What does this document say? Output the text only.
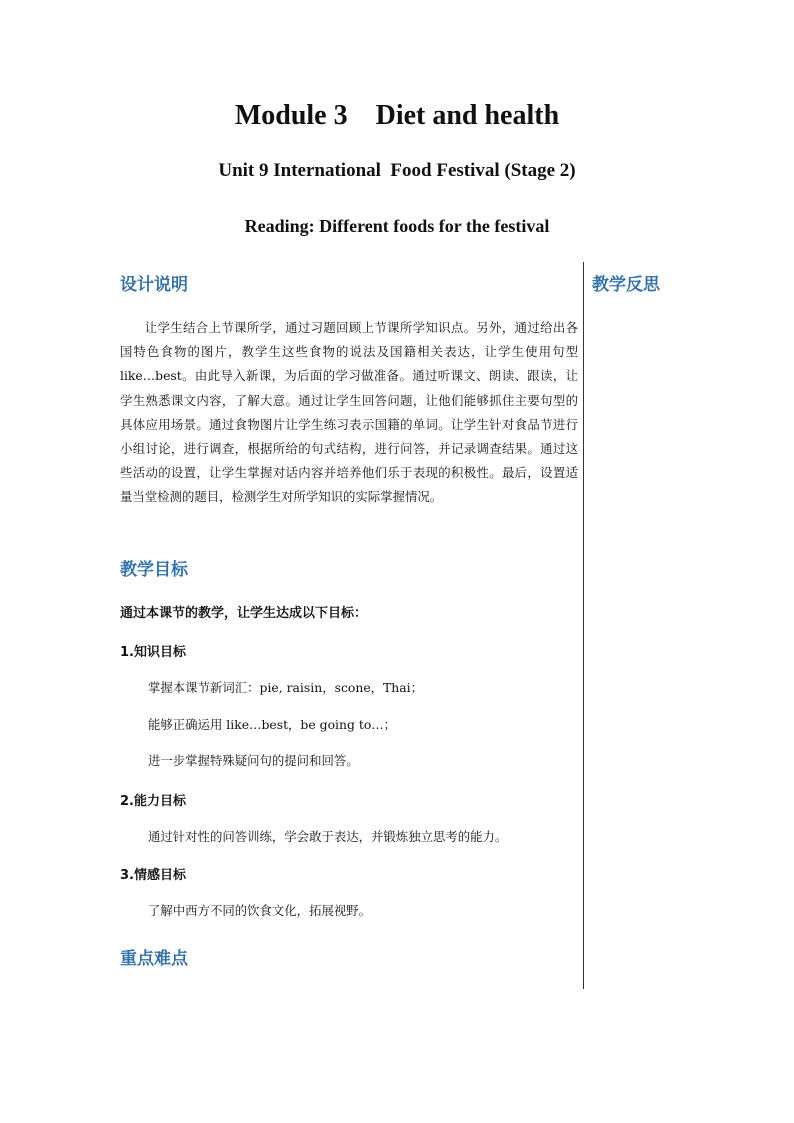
Module 3    Diet and health
Unit 9 International  Food Festival (Stage 2)
Reading: Different foods for the festival
设计说明

让学生结合上节课所学，通过习题回顾上节课所学知识点。另外，通过给出各国特色食物的图片，教学生这些食物的说法及国籍相关表达，让学生使用句型 like…best。由此导入新课，为后面的学习做准备。通过听课文、朗读、跟读，让学生熟悉课文内容，了解大意。通过让学生回答问题，让他们能够抓住主要句型的具体应用场景。通过食物图片让学生练习表示国籍的单词。让学生针对食品节进行小组讨论，进行调查，根据所给的句式结构，进行问答，并记录调查结果。通过这些活动的设置，让学生掌握对话内容并培养他们乐于表现的积极性。最后，设置适量当堂检测的题目，检测学生对所学知识的实际掌握情况。

教学反思
教学目标

通过本课节的教学，让学生达成以下目标：

1.知识目标

掌握本课节新词汇：pie, raisin，scone，Thai；

能够正确运用 like…best，be going to…；

进一步掌握特殊疑问句的提问和回答。

2.能力目标

通过针对性的问答训练，学会敢于表达，并锻炼独立思考的能力。

3.情感目标

了解中西方不同的饮食文化，拓展视野。

重点难点
